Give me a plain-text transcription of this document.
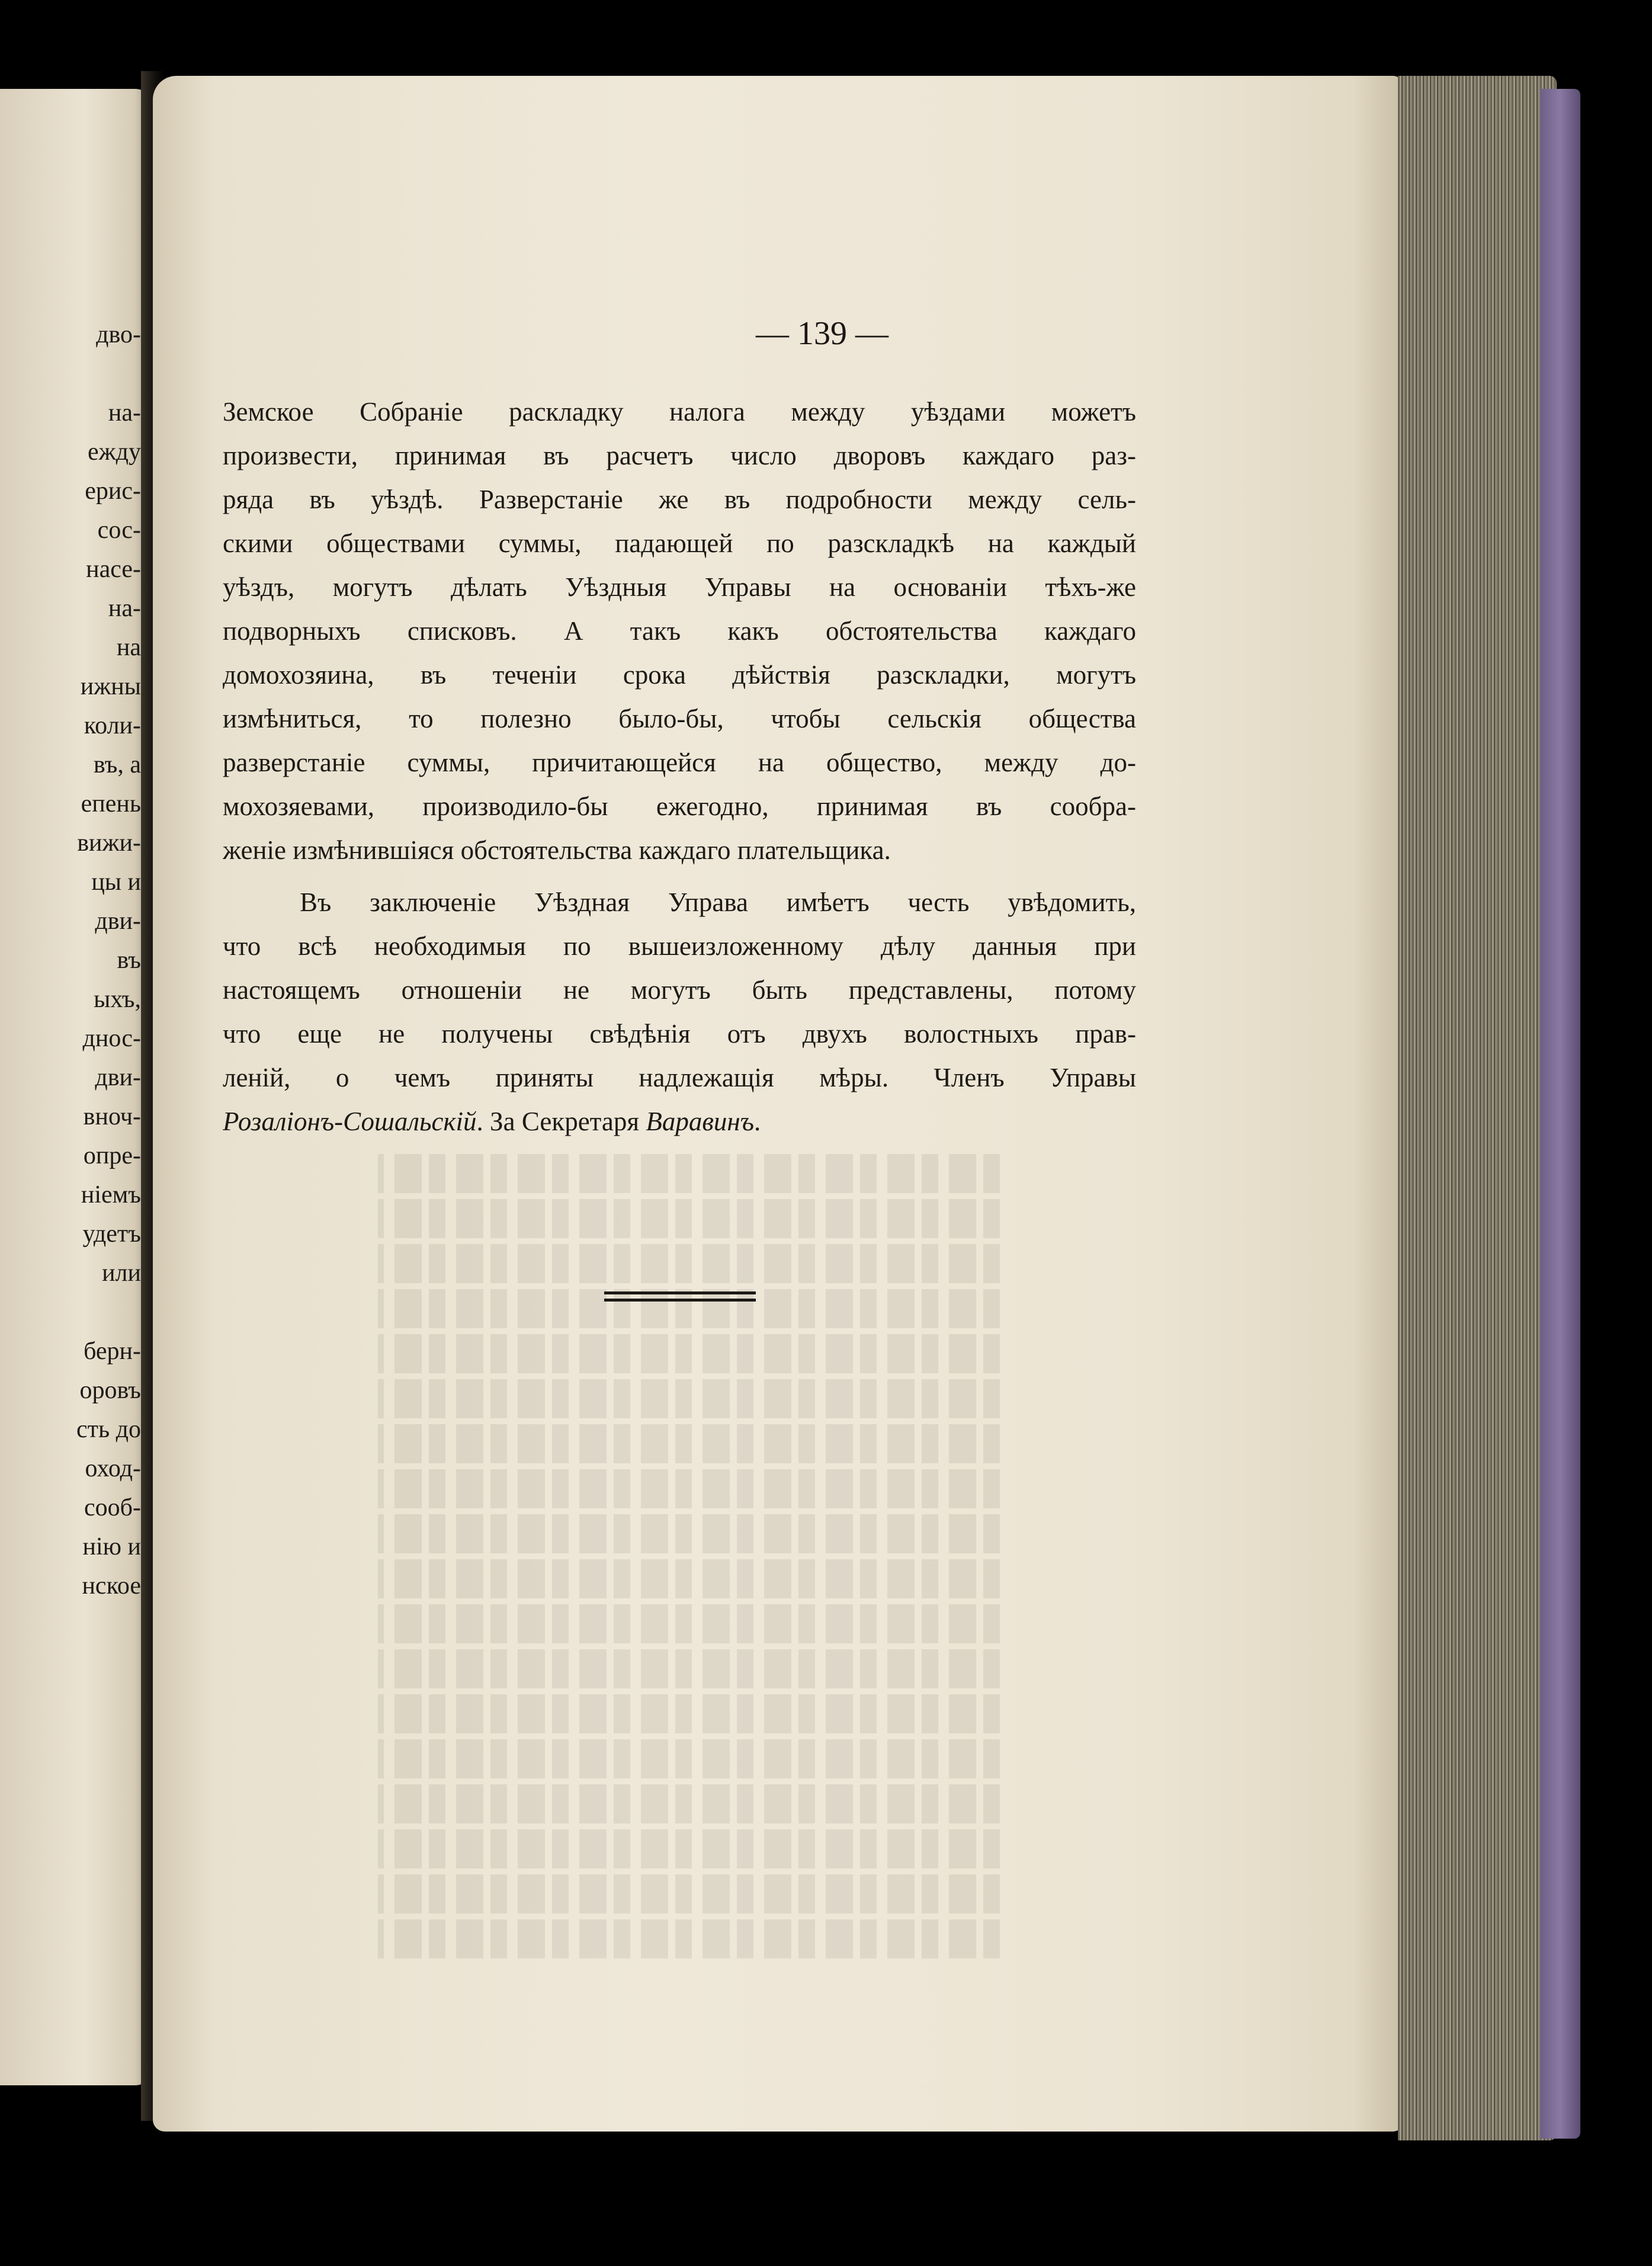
дво-
на-
ежду
ерис-
сос-
насе-
на-
на
ижны
коли-
въ, а
епень
вижи-
цы и
дви-
въ
ыхъ,
днос-
дви-
вноч-
опре-
нiемъ
удетъ
или
берн-
оровъ
сть до
оход-
сооб-
нiю и
нское
— 139 —
Земское Собранiе раскладку налога между уѣздами можетъ
произвести, принимая въ расчетъ число дворовъ каждаго раз-
ряда въ уѣздѣ. Разверстанiе же въ подробности между сель-
скими обществами суммы, падающей по разскладкѣ на каждый
уѣздъ, могутъ дѣлать Уѣздныя Управы на основанiи тѣхъ-же
подворныхъ списковъ. А такъ какъ обстоятельства каждаго
домохозяина, въ теченiи срока дѣйствiя разскладки, могутъ
измѣниться, то полезно было-бы, чтобы сельскiя общества
разверстанiе суммы, причитающейся на общество, между до-
мохозяевами, производило-бы ежегодно, принимая въ сообра-
женiе измѣнившiяся обстоятельства каждаго плательщика.
Въ заключенiе Уѣздная Управа имѣетъ честь увѣдомить,
что всѣ необходимыя по вышеизложенному дѣлу данныя при
настоящемъ отношенiи не могутъ быть представлены, потому
что еще не получены свѣдѣнiя отъ двухъ волостныхъ прав-
ленiй, о чемъ приняты надлежащiя мѣры. Членъ Управы
Розалiонъ-Сошальскiй. За Секретаря Варавинъ.
